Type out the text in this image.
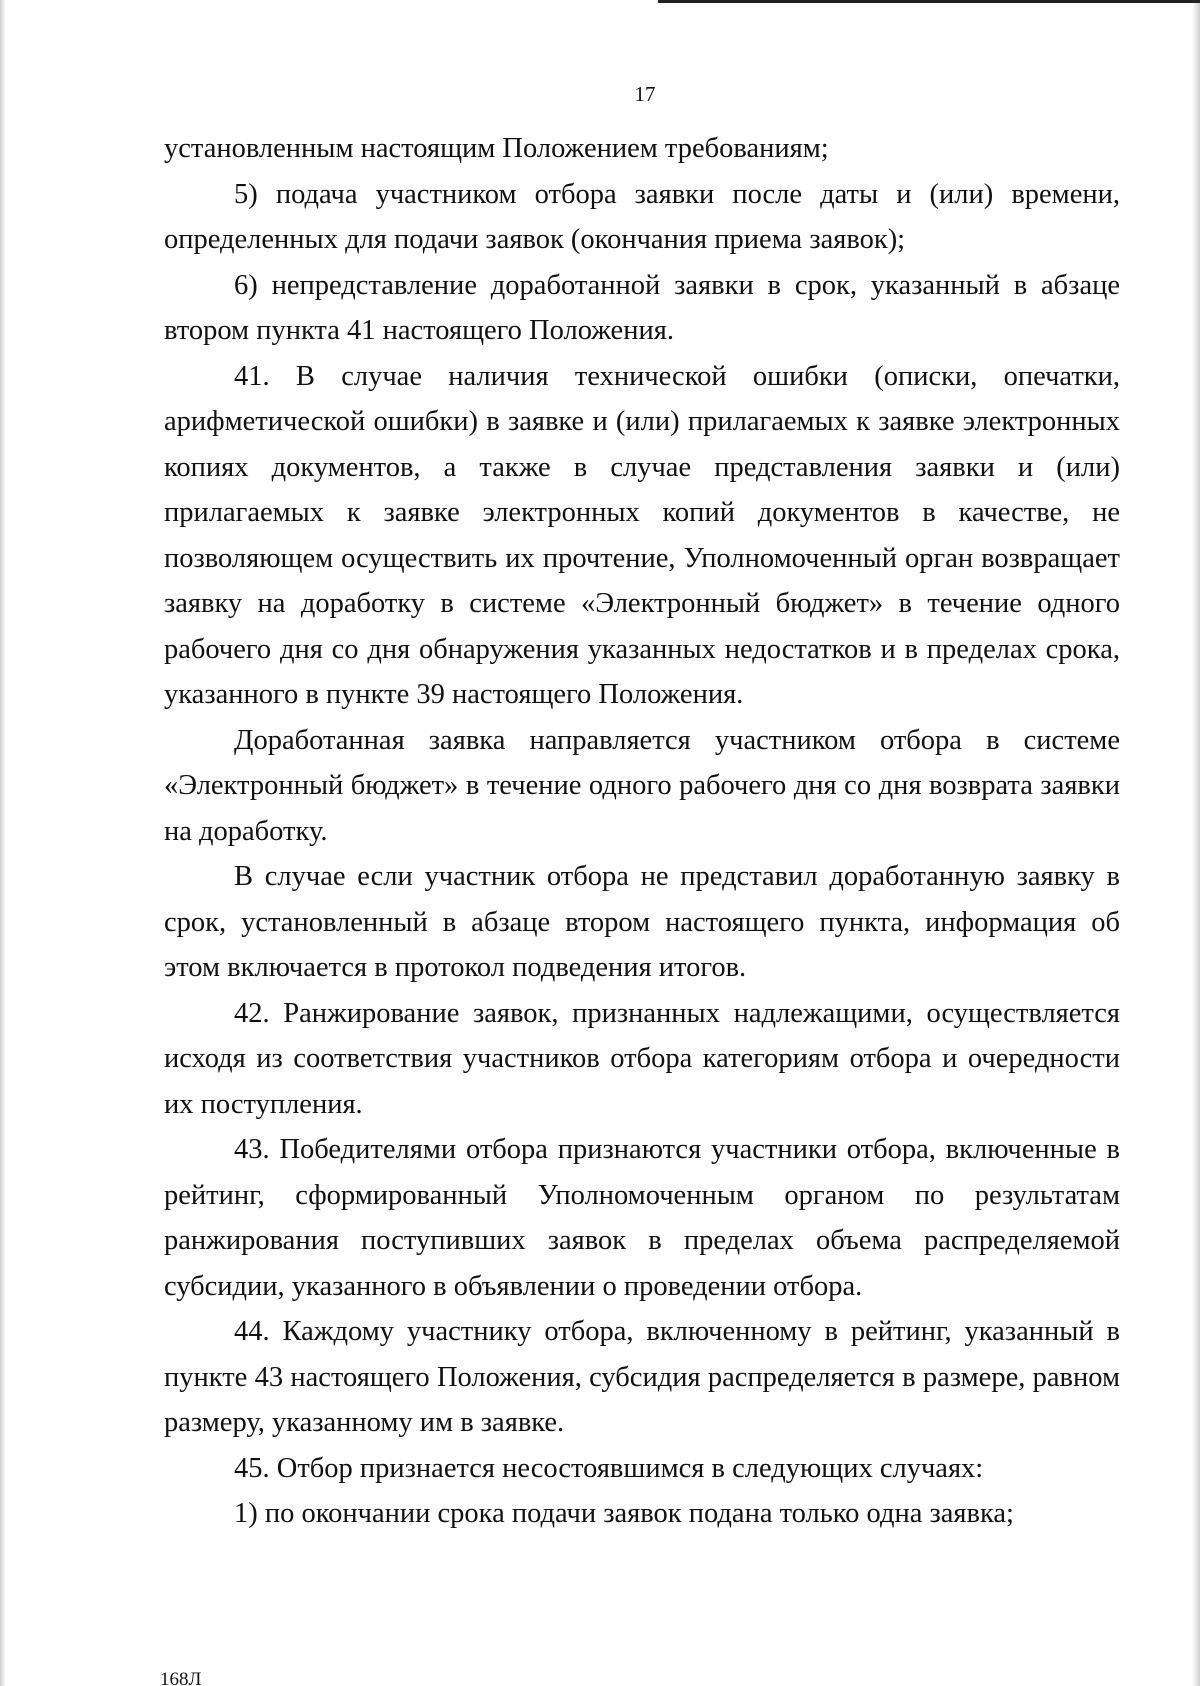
17

установленным настоящим Положением требованиям;

5) подача участником отбора заявки после даты и (или) времени, определенных для подачи заявок (окончания приема заявок);

6) непредставление доработанной заявки в срок, указанный в абзаце втором пункта 41 настоящего Положения.

41. В случае наличия технической ошибки (описки, опечатки, арифметической ошибки) в заявке и (или) прилагаемых к заявке электронных копиях документов, а также в случае представления заявки и (или) прилагаемых к заявке электронных копий документов в качестве, не позволяющем осуществить их прочтение, Уполномоченный орган возвращает заявку на доработку в системе «Электронный бюджет» в течение одного рабочего дня со дня обнаружения указанных недостатков и в пределах срока, указанного в пункте 39 настоящего Положения.

Доработанная заявка направляется участником отбора в системе «Электронный бюджет» в течение одного рабочего дня со дня возврата заявки на доработку.

В случае если участник отбора не представил доработанную заявку в срок, установленный в абзаце втором настоящего пункта, информация об этом включается в протокол подведения итогов.

42. Ранжирование заявок, признанных надлежащими, осуществляется исходя из соответствия участников отбора категориям отбора и очередности их поступления.

43. Победителями отбора признаются участники отбора, включенные в рейтинг, сформированный Уполномоченным органом по результатам ранжирования поступивших заявок в пределах объема распределяемой субсидии, указанного в объявлении о проведении отбора.

44. Каждому участнику отбора, включенному в рейтинг, указанный в пункте 43 настоящего Положения, субсидия распределяется в размере, равном размеру, указанному им в заявке.

45. Отбор признается несостоявшимся в следующих случаях:

1) по окончании срока подачи заявок подана только одна заявка;

168Л
